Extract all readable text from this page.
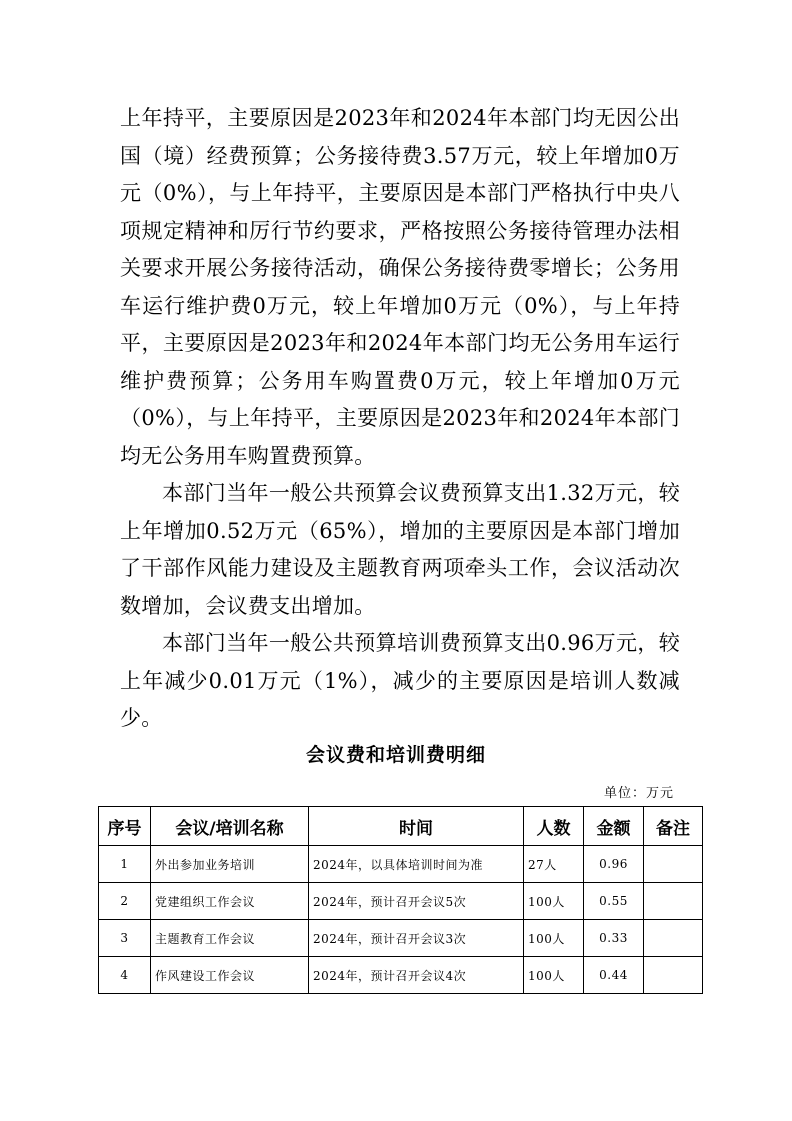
上年持平，主要原因是2023年和2024年本部门均无因公出国（境）经费预算；公务接待费3.57万元，较上年增加0万元（0%），与上年持平，主要原因是本部门严格执行中央八项规定精神和厉行节约要求，严格按照公务接待管理办法相关要求开展公务接待活动，确保公务接待费零增长；公务用车运行维护费0万元，较上年增加0万元（0%），与上年持平，主要原因是2023年和2024年本部门均无公务用车运行维护费预算；公务用车购置费0万元，较上年增加0万元（0%），与上年持平，主要原因是2023年和2024年本部门均无公务用车购置费预算。

本部门当年一般公共预算会议费预算支出1.32万元，较上年增加0.52万元（65%），增加的主要原因是本部门增加了干部作风能力建设及主题教育两项牵头工作，会议活动次数增加，会议费支出增加。

本部门当年一般公共预算培训费预算支出0.96万元，较上年减少0.01万元（1%），减少的主要原因是培训人数减少。

会议费和培训费明细
单位：万元
序号	会议/培训名称	时间	人数	金额	备注
1	外出参加业务培训	2024年，以具体培训时间为准	27人	0.96	
2	党建组织工作会议	2024年，预计召开会议5次	100人	0.55	
3	主题教育工作会议	2024年，预计召开会议3次	100人	0.33	
4	作风建设工作会议	2024年，预计召开会议4次	100人	0.44	
